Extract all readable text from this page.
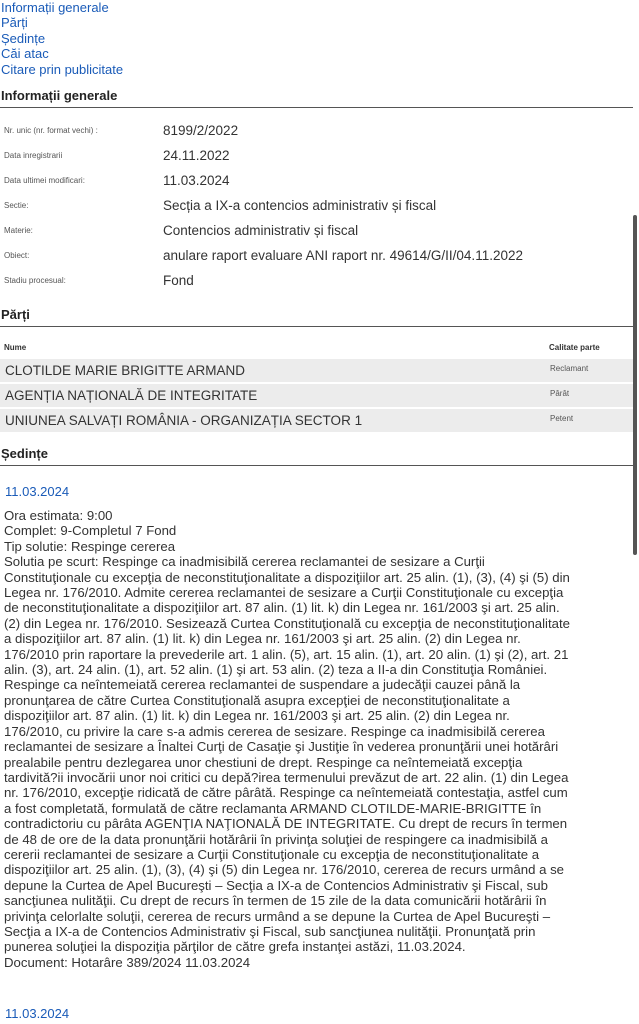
Informații generale
Părți
Ședințe
Căi atac
Citare prin publicitate
Informații generale
Nr. unic (nr. format vechi) :	8199/2/2022
Data inregistrarii	24.11.2022
Data ultimei modificari:	11.03.2024
Sectie:	Secția a IX-a contencios administrativ și fiscal
Materie:	Contencios administrativ și fiscal
Obiect:	anulare raport evaluare ANI raport nr. 49614/G/II/04.11.2022
Stadiu procesual:	Fond
Părți
Nume	Calitate parte
CLOTILDE MARIE BRIGITTE ARMAND	Reclamant
AGENȚIA NAȚIONALĂ DE INTEGRITATE	Pârât
UNIUNEA SALVAȚI ROMÂNIA - ORGANIZAȚIA SECTOR 1	Petent
Ședințe
11.03.2024
Ora estimata: 9:00
Complet: 9-Completul 7 Fond
Tip solutie: Respinge cererea
Solutia pe scurt: Respinge ca inadmisibilă cererea reclamantei de sesizare a Curţii
Constituţionale cu excepţia de neconstituţionalitate a dispoziţiilor art. 25 alin. (1), (3), (4) şi (5) din
Legea nr. 176/2010. Admite cererea reclamantei de sesizare a Curţii Constituţionale cu excepţia
de neconstituţionalitate a dispoziţiilor art. 87 alin. (1) lit. k) din Legea nr. 161/2003 şi art. 25 alin.
(2) din Legea nr. 176/2010. Sesizează Curtea Constituţională cu excepţia de neconstituţionalitate
a dispoziţiilor art. 87 alin. (1) lit. k) din Legea nr. 161/2003 şi art. 25 alin. (2) din Legea nr.
176/2010 prin raportare la prevederile art. 1 alin. (5), art. 15 alin. (1), art. 20 alin. (1) şi (2), art. 21
alin. (3), art. 24 alin. (1), art. 52 alin. (1) şi art. 53 alin. (2) teza a II-a din Constituţia României.
Respinge ca neîntemeiată cererea reclamantei de suspendare a judecăţii cauzei până la
pronunţarea de către Curtea Constituţională asupra excepţiei de neconstituţionalitate a
dispoziţiilor art. 87 alin. (1) lit. k) din Legea nr. 161/2003 şi art. 25 alin. (2) din Legea nr.
176/2010, cu privire la care s-a admis cererea de sesizare. Respinge ca inadmisibilă cererea
reclamantei de sesizare a Înaltei Curţi de Casaţie şi Justiţie în vederea pronunţării unei hotărâri
prealabile pentru dezlegarea unor chestiuni de drept. Respinge ca neîntemeiată excepţia
tardivită?ii invocării unor noi critici cu depă?irea termenului prevăzut de art. 22 alin. (1) din Legea
nr. 176/2010, excepţie ridicată de către pârâtă. Respinge ca neîntemeiată contestaţia, astfel cum
a fost completată, formulată de către reclamanta ARMAND CLOTILDE-MARIE-BRIGITTE în
contradictoriu cu pârâta AGENŢIA NAŢIONALĂ DE INTEGRITATE. Cu drept de recurs în termen
de 48 de ore de la data pronunţării hotărârii în privinţa soluţiei de respingere ca inadmisibilă a
cererii reclamantei de sesizare a Curţii Constituţionale cu excepţia de neconstituţionalitate a
dispoziţiilor art. 25 alin. (1), (3), (4) şi (5) din Legea nr. 176/2010, cererea de recurs urmând a se
depune la Curtea de Apel Bucureşti – Secţia a IX-a de Contencios Administrativ şi Fiscal, sub
sancţiunea nulităţii. Cu drept de recurs în termen de 15 zile de la data comunicării hotărârii în
privinţa celorlalte soluţii, cererea de recurs urmând a se depune la Curtea de Apel Bucureşti –
Secţia a IX-a de Contencios Administrativ şi Fiscal, sub sancţiunea nulităţii. Pronunţată prin
punerea soluţiei la dispoziţia părţilor de către grefa instanţei astăzi, 11.03.2024.
Document: Hotarâre 389/2024 11.03.2024
11.03.2024
